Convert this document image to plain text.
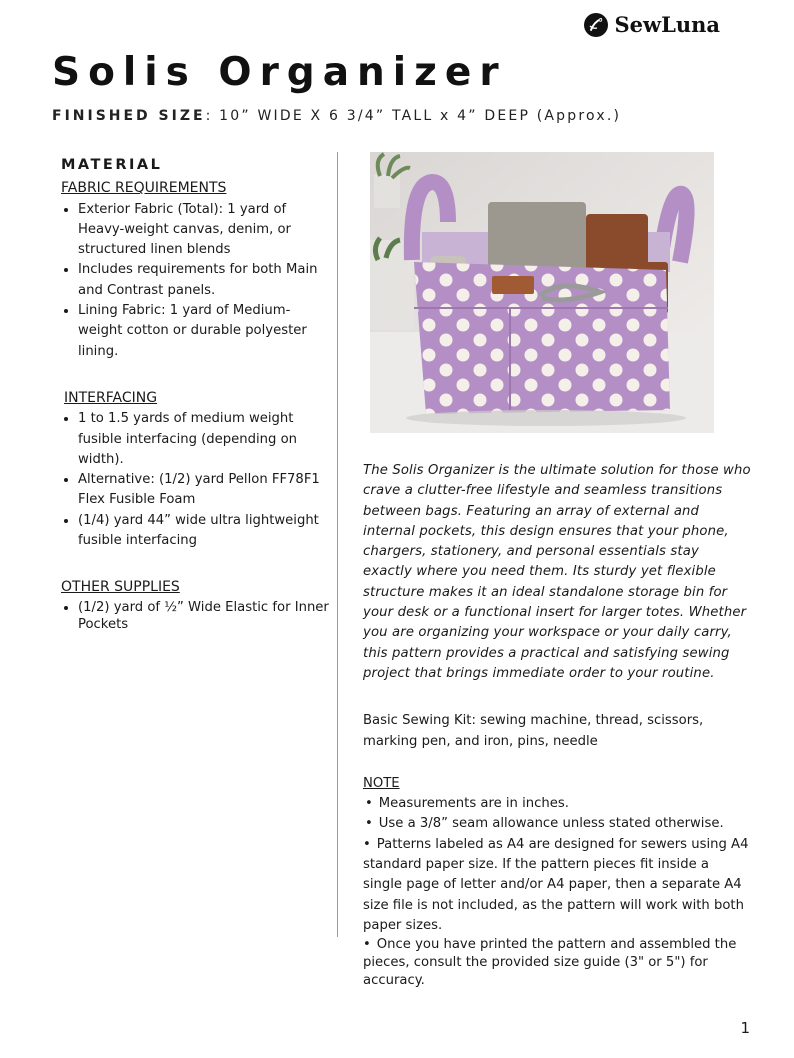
SewLuna
Solis Organizer
FINISHED SIZE: 10” WIDE X 6 3/4” TALL x 4” DEEP (Approx.)
MATERIAL
FABRIC REQUIREMENTS
• Exterior Fabric (Total): 1 yard of Heavy-weight canvas, denim, or structured linen blends
• Includes requirements for both Main and Contrast panels.
• Lining Fabric: 1 yard of Medium-weight cotton or durable polyester lining.
INTERFACING
• 1 to 1.5 yards of medium weight fusible interfacing (depending on width).
• Alternative: (1/2) yard Pellon FF78F1 Flex Fusible Foam
• (1/4) yard 44” wide ultra lightweight fusible interfacing
OTHER SUPPLIES
• (1/2) yard of ½” Wide Elastic for Inner Pockets

The Solis Organizer is the ultimate solution for those who crave a clutter-free lifestyle and seamless transitions between bags. Featuring an array of external and internal pockets, this design ensures that your phone, chargers, stationery, and personal essentials stay exactly where you need them. Its sturdy yet flexible structure makes it an ideal standalone storage bin for your desk or a functional insert for larger totes. Whether you are organizing your workspace or your daily carry, this pattern provides a practical and satisfying sewing project that brings immediate order to your routine.

Basic Sewing Kit: sewing machine, thread, scissors, marking pen, and iron, pins, needle

NOTE
• Measurements are in inches.
• Use a 3/8” seam allowance unless stated otherwise.
• Patterns labeled as A4 are designed for sewers using A4 standard paper size. If the pattern pieces fit inside a single page of letter and/or A4 paper, then a separate A4 size file is not included, as the pattern will work with both paper sizes.
• Once you have printed the pattern and assembled the pieces, consult the provided size guide (3" or 5") for accuracy.
1
